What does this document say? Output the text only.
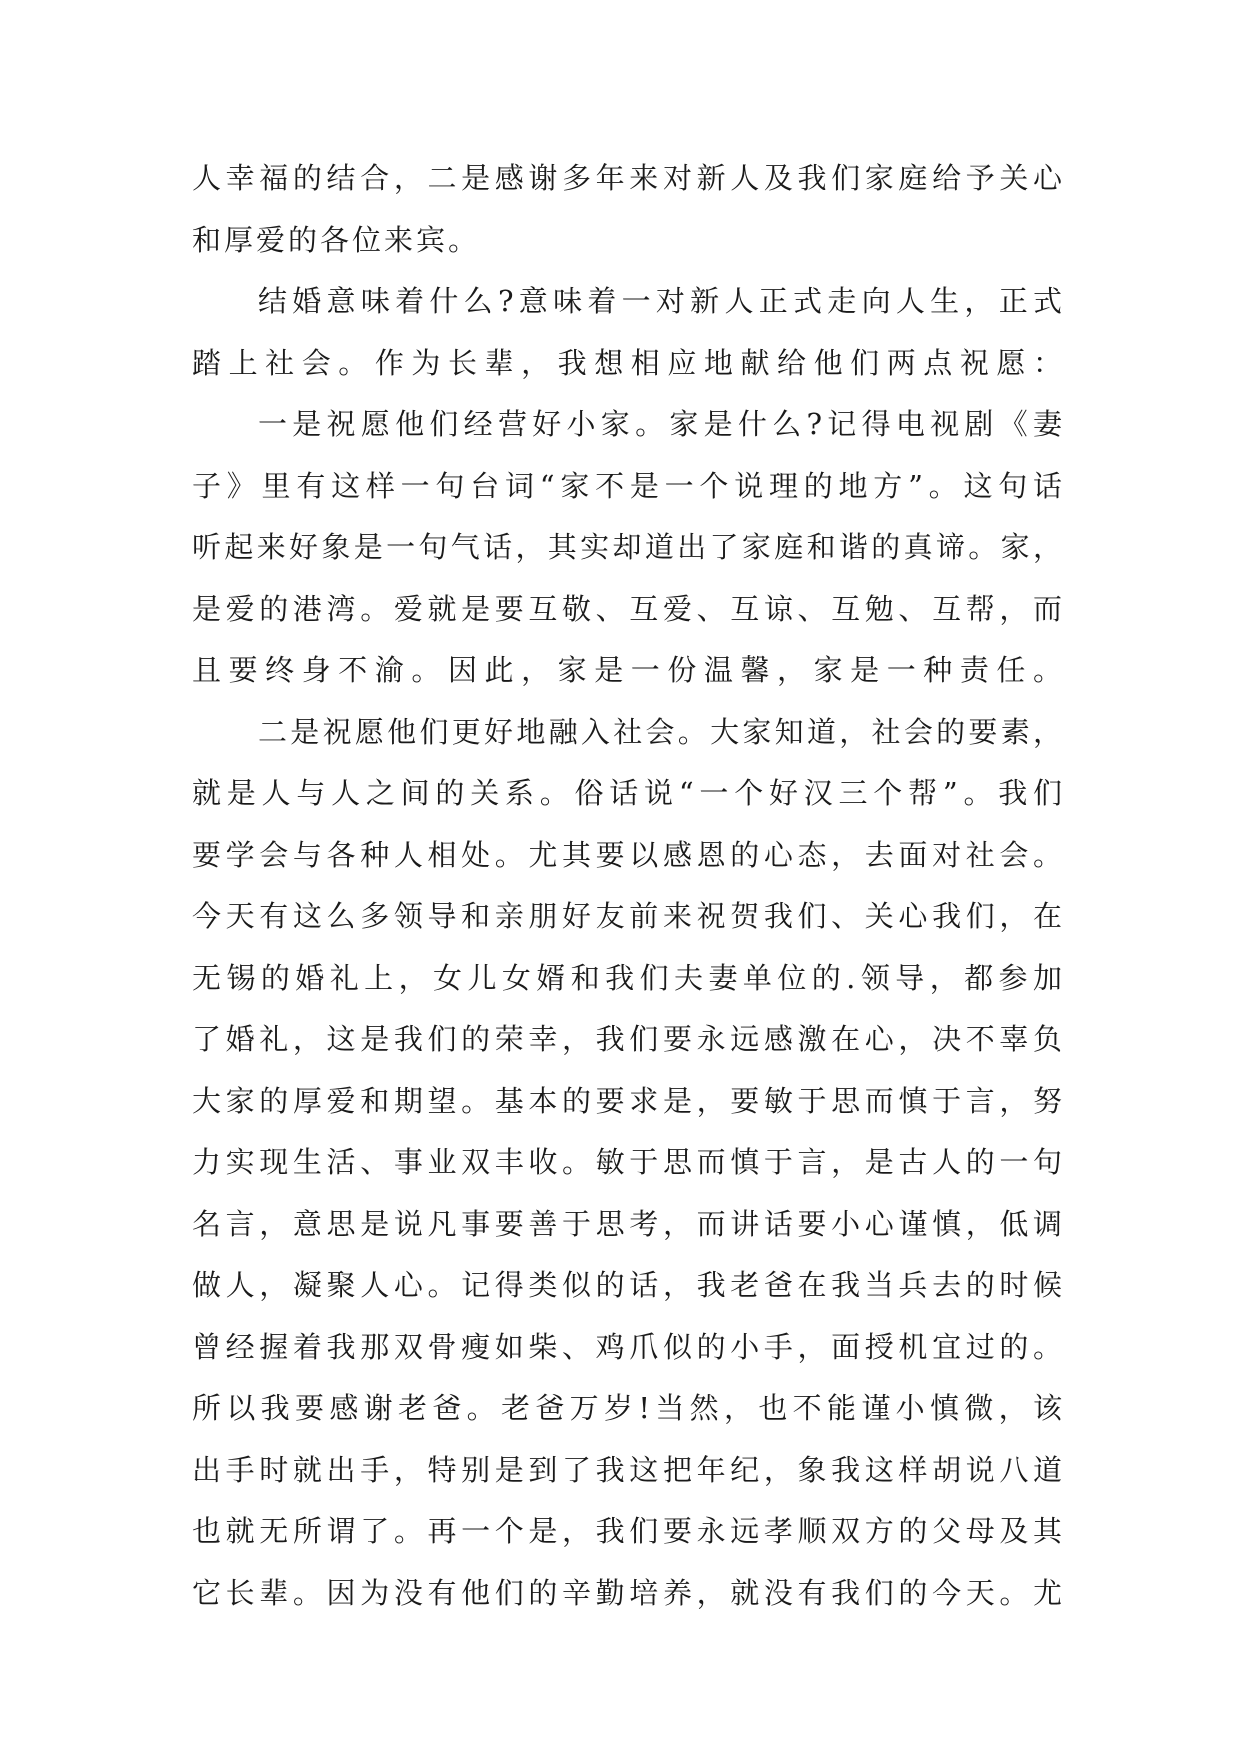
人幸福的结合，二是感谢多年来对新人及我们家庭给予关心
和厚爱的各位来宾。
结婚意味着什么?意味着一对新人正式走向人生，正式
踏上社会。作为长辈，我想相应地献给他们两点祝愿：
一是祝愿他们经营好小家。家是什么?记得电视剧《妻
子》里有这样一句台词“家不是一个说理的地方”。这句话
听起来好象是一句气话，其实却道出了家庭和谐的真谛。家，
是爱的港湾。爱就是要互敬、互爱、互谅、互勉、互帮，而
且要终身不渝。因此，家是一份温馨，家是一种责任。
二是祝愿他们更好地融入社会。大家知道，社会的要素，
就是人与人之间的关系。俗话说“一个好汉三个帮”。我们
要学会与各种人相处。尤其要以感恩的心态，去面对社会。
今天有这么多领导和亲朋好友前来祝贺我们、关心我们，在
无锡的婚礼上，女儿女婿和我们夫妻单位的.领导，都参加
了婚礼，这是我们的荣幸，我们要永远感激在心，决不辜负
大家的厚爱和期望。基本的要求是，要敏于思而慎于言，努
力实现生活、事业双丰收。敏于思而慎于言，是古人的一句
名言，意思是说凡事要善于思考，而讲话要小心谨慎，低调
做人，凝聚人心。记得类似的话，我老爸在我当兵去的时候
曾经握着我那双骨瘦如柴、鸡爪似的小手，面授机宜过的。
所以我要感谢老爸。老爸万岁!当然，也不能谨小慎微，该
出手时就出手，特别是到了我这把年纪，象我这样胡说八道
也就无所谓了。再一个是，我们要永远孝顺双方的父母及其
它长辈。因为没有他们的辛勤培养，就没有我们的今天。尤
